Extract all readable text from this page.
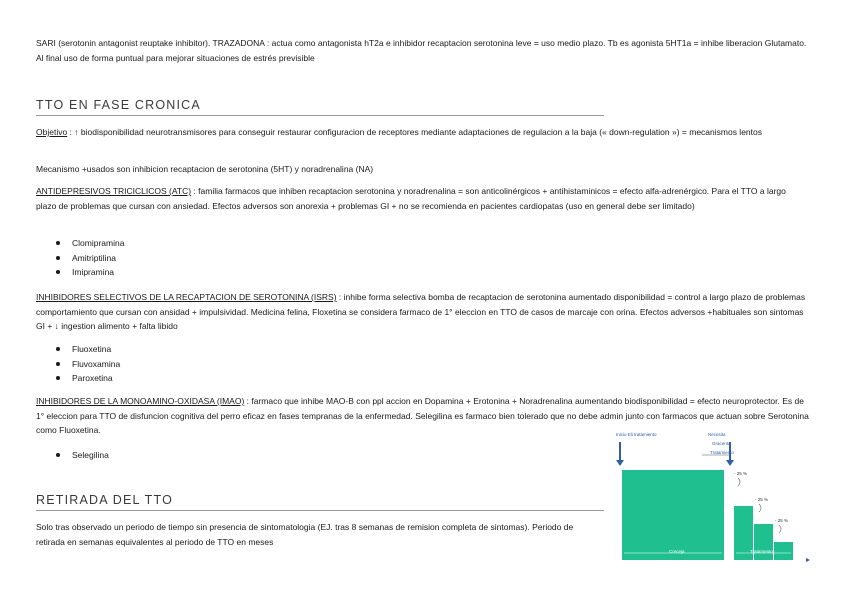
SARI (serotonin antagonist reuptake inhibitor). TRAZADONA : actua como antagonista hT2a e inhibidor recaptacion serotonina leve = uso medio plazo. Tb es agonista 5HT1a = inhibe liberacion Glutamato. Al final uso de forma puntual para mejorar situaciones de estrés previsible

TTO EN FASE CRONICA

Objetivo : ↑ biodisponibilidad neurotransmisores para conseguir restaurar configuracion de receptores mediante adaptaciones de regulacion a la baja (« down-regulation ») = mecanismos lentos

Mecanismo +usados son inhibicion recaptacion de serotonina (5HT) y noradrenalina (NA)

ANTIDEPRESIVOS TRICICLICOS (ATC) : familia farmacos que inhiben recaptacion serotonina y noradrenalina = son anticolinérgicos + antihistaminicos = efecto alfa-adrenérgico. Para el TTO a largo plazo de problemas que cursan con ansiedad. Efectos adversos son anorexia + problemas GI + no se recomienda en pacientes cardiopatas (uso en general debe ser limitado)

Clomipramina
Amitriptilina
Imipramina

INHIBIDORES SELECTIVOS DE LA RECAPTACION DE SEROTONINA (ISRS) : inhibe forma selectiva bomba de recaptacion de serotonina aumentado disponibilidad = control a largo plazo de problemas comportamiento que cursan con ansidad + impulsividad. Medicina felina, Floxetina se considera farmaco de 1° eleccion en TTO de casos de marcaje con orina. Efectos adversos +habituales son sintomas GI + ↓ ingestion alimento + falta libido

Fluoxetina
Fluvoxamina
Paroxetina

INHIBIDORES DE LA MONOAMINO-OXIDASA (IMAO) : farmaco que inhibe MAO-B con ppl accion en Dopamina + Erotonina + Noradrenalina aumentando biodisponibilidad = efecto neuroprotector. Es de 1° eleccion para TTO de disfuncion cognitiva del perro eficaz en fases tempranas de la enfermedad. Selegilina es farmaco bien tolerado que no debe admin junto con farmacos que actuan sobre Serotonina como Fluoxetina.

Selegilina

RETIRADA DEL TTO

Solo tras observado un periodo de tiempo sin presencia de sintomatologia (EJ. tras 8 semanas de remision completa de sintomas). Periodo de retirada en semanas equivalentes al periodo de TTO en meses

Inicio Eli tratamiento	Necesita
Gracenta
Tratamiento
- 25 %
- 25 %
- 25 %
Creceja	Tratamento
